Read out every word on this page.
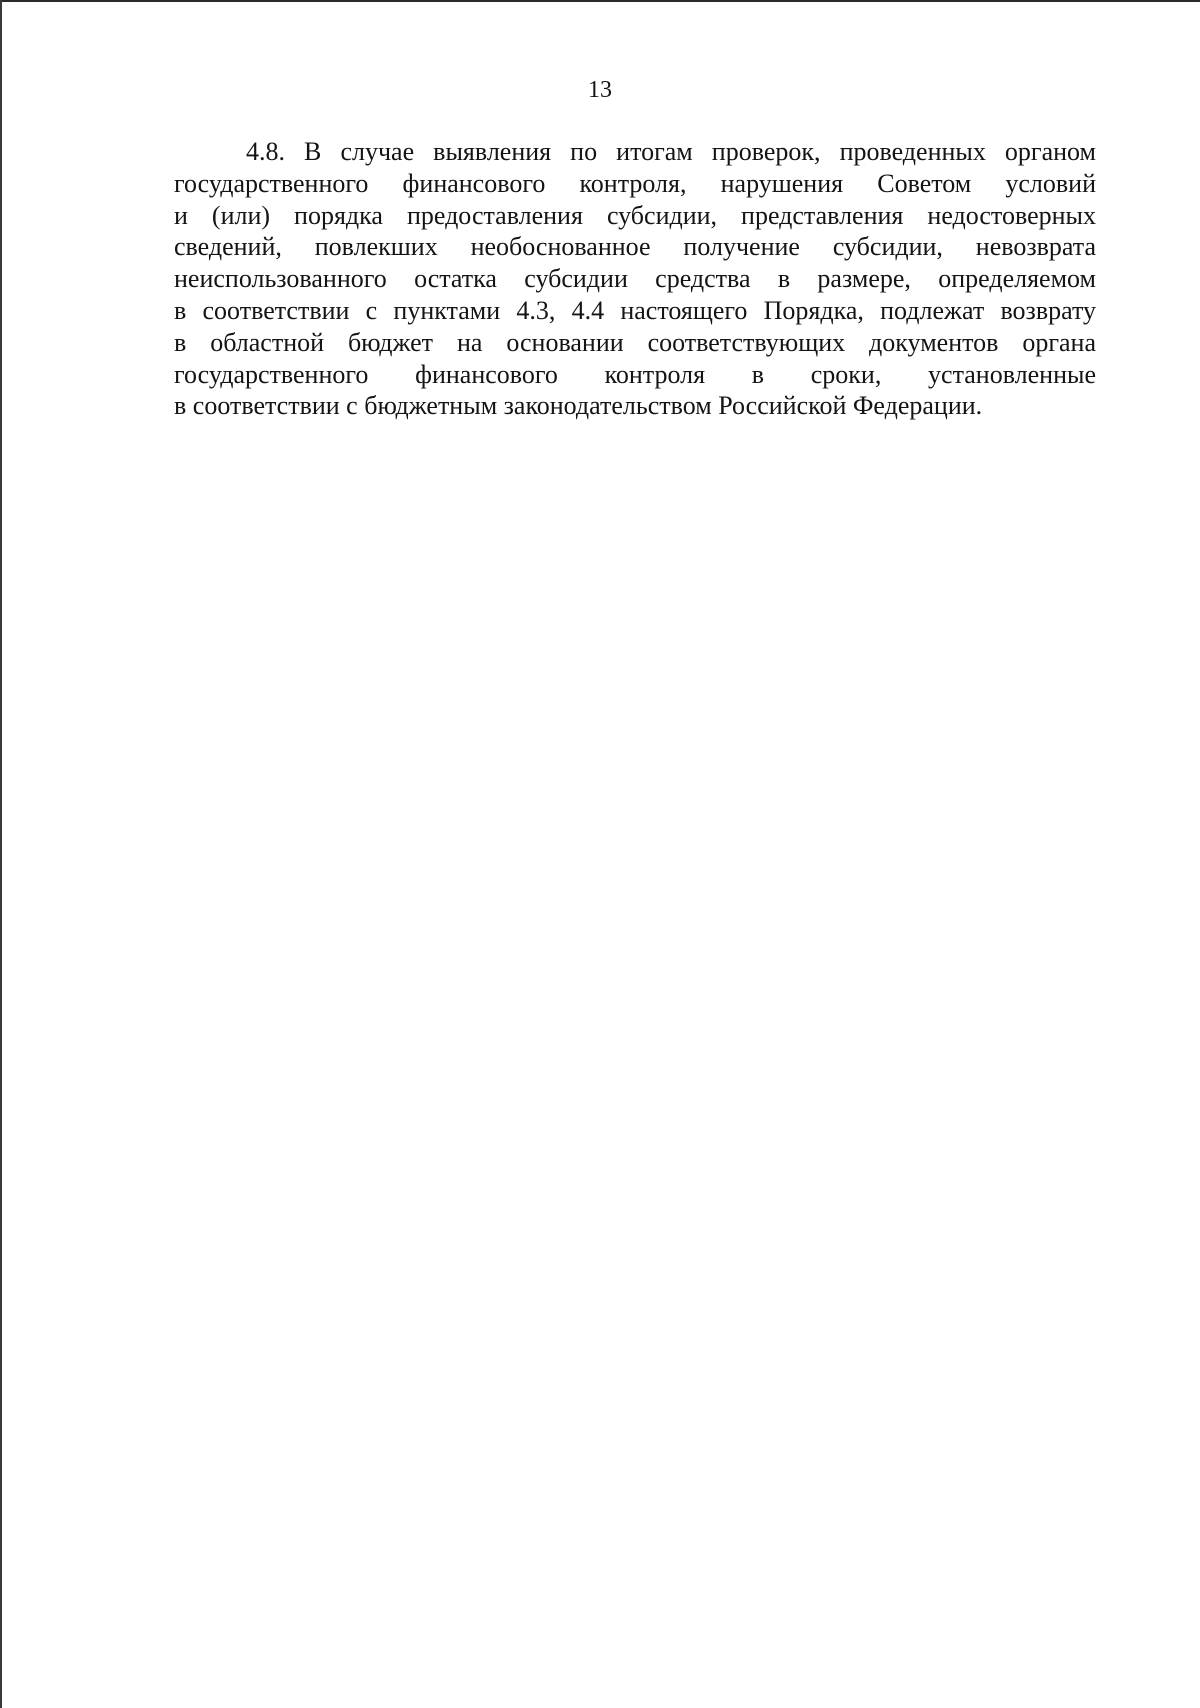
13
4.8. В случае выявления по итогам проверок, проведенных органом
государственного финансового контроля, нарушения Советом условий
и (или) порядка предоставления субсидии, представления недостоверных
сведений, повлекших необоснованное получение субсидии, невозврата
неиспользованного остатка субсидии средства в размере, определяемом
в соответствии с пунктами 4.3, 4.4 настоящего Порядка, подлежат возврату
в областной бюджет на основании соответствующих документов органа
государственного финансового контроля в сроки, установленные
в соответствии с бюджетным законодательством Российской Федерации.
